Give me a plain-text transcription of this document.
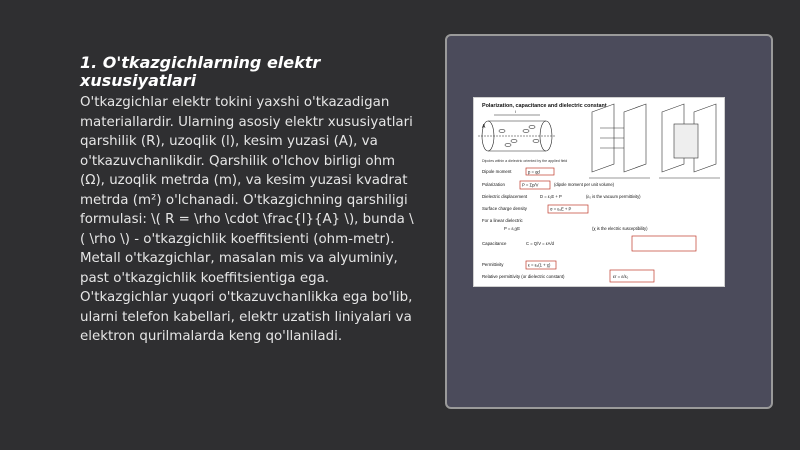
1. O'tkazgichlarning elektr xususiyatlari

O'tkazgichlar elektr tokini yaxshi o'tkazadigan materiallardir. Ularning asosiy elektr xususiyatlari qarshilik (R), uzoqlik (l), kesim yuzasi (A), va o'tkazuvchanlikdir. Qarshilik o'lchov birligi ohm (Ω), uzoqlik metrda (m), va kesim yuzasi kvadrat metrda (m²) o'lchanadi. O'tkazgichning qarshiligi formulasi: \( R = \rho \cdot \frac{l}{A} \), bunda \( \rho \) - o'tkazgichlik koeffitsienti (ohm-metr). Metall o'tkazgichlar, masalan mis va alyuminiy, past o'tkazgichlik koeffitsientiga ega. O'tkazgichlar yuqori o'tkazuvchanlikka ega bo'lib, ularni telefon kabellari, elektr uzatish liniyalari va elektron qurilmalarda keng qo'llaniladi.

Polarization, capacitance and dielectric constant
l
A
Dipoles within a dielectric oriented by the applied field
Dipole moment	p = qd
Polarization	P = Σp/V	(dipole moment per unit volume)
Dielectric displacement	D = ε₀E + P	(ε₀ is the vacuum permittivity)
Surface charge density	σ = ε₀E + P
For a linear dielectric
P = ε₀χE	(χ is the electric susceptibility)
Capacitance	C = Q/V = εA/d
Permittivity	ε = ε₀(1 + χ)
Relative permittivity (or dielectric constant)	εr = ε/ε₀
